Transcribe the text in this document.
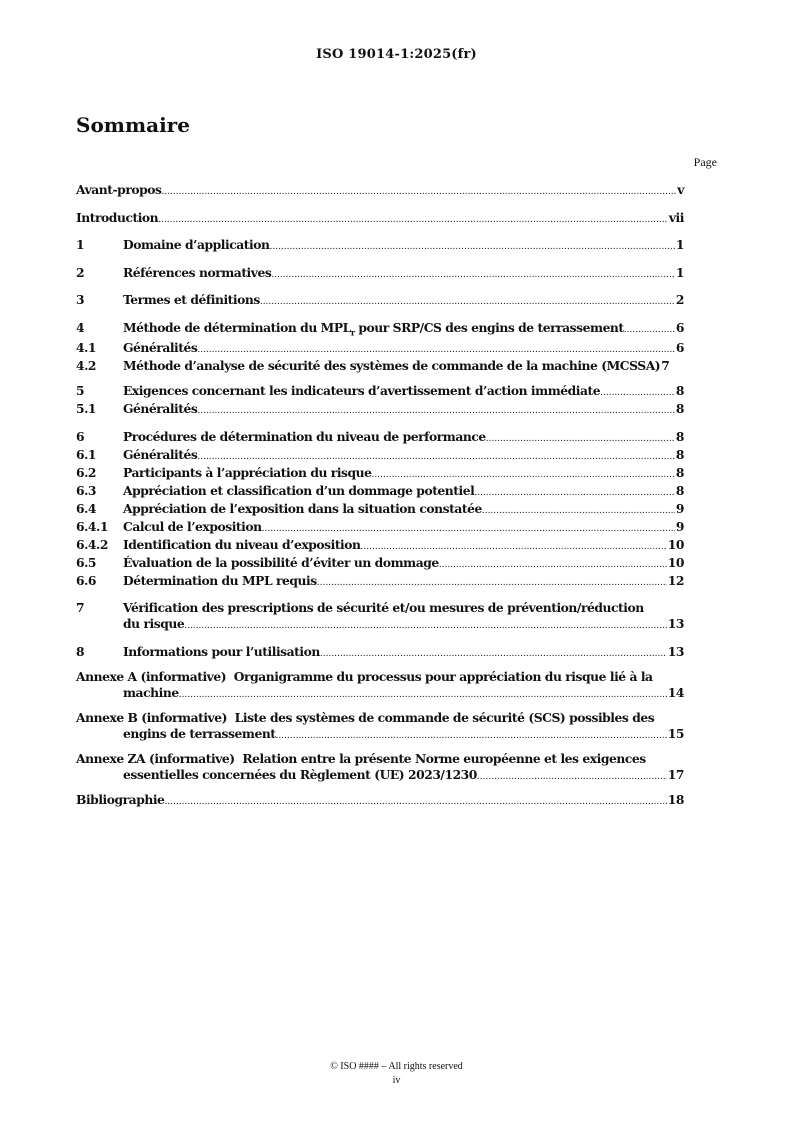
ISO 19014-1:2025(fr)
Sommaire
Page
Avant-propos .....	v
Introduction .....	vii
1	Domaine d’application .....	1
2	Références normatives .....	1
3	Termes et définitions .....	2
4	Méthode de détermination du $MPL_r$ pour SRP/CS des engins de terrassement .....	6
4.1	Généralités .....	6
4.2	Méthode d’analyse de sécurité des systèmes de commande de la machine (MCSSA) 7
5	Exigences concernant les indicateurs d’avertissement d’action immédiate .....	8
5.1	Généralités .....	8
6	Procédures de détermination du niveau de performance .....	8
6.1	Généralités .....	8
6.2	Participants à l’appréciation du risque .....	8
6.3	Appréciation et classification d’un dommage potentiel .....	8
6.4	Appréciation de l’exposition dans la situation constatée .....	9
6.4.1	Calcul de l’exposition .....	9
6.4.2	Identification du niveau d’exposition .....	10
6.5	Évaluation de la possibilité d’éviter un dommage .....	10
6.6	Détermination du MPL requis .....	12
7	Vérification des prescriptions de sécurité et/ou mesures de prévention/réduction
du risque .....	13
8	Informations pour l’utilisation .....	13
Annexe A (informative)
Organigramme du processus pour appréciation du risque lié à la
machine .....	14
Annexe B (informative)
Liste des systèmes de commande de sécurité (SCS) possibles des
engins de terrassement .....	15
Annexe ZA (informative)
Relation entre la présente Norme européenne et les exigences
essentielles concernées du Règlement (UE) 2023/1230 .....	17
Bibliographie .....	18
© ISO #### – All rights reserved
iv
